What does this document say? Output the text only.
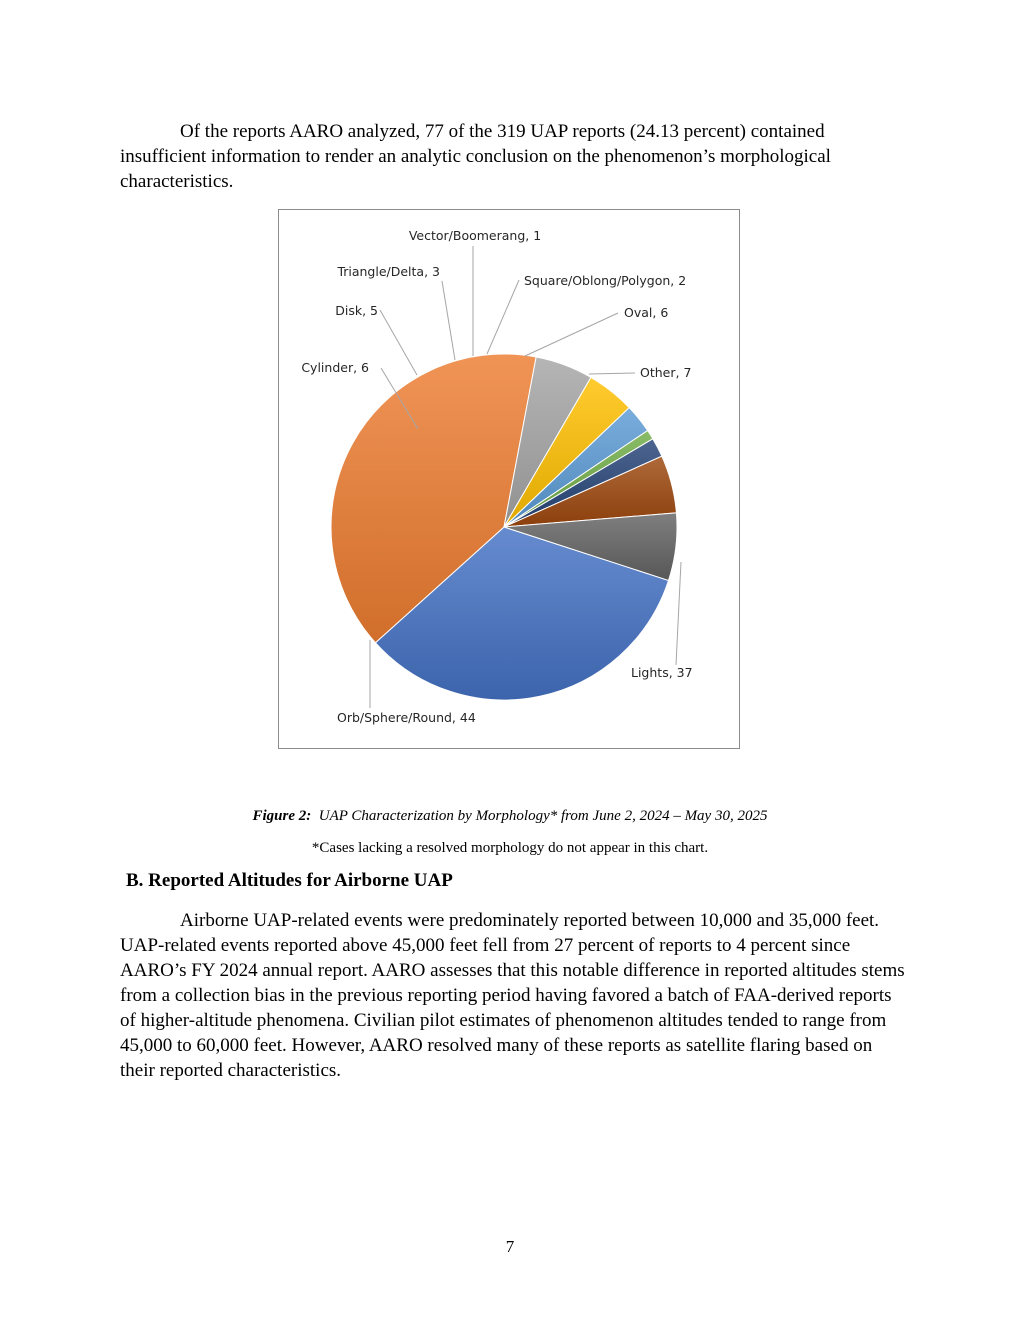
Of the reports AARO analyzed, 77 of the 319 UAP reports (24.13 percent) contained insufficient information to render an analytic conclusion on the phenomenon’s morphological characteristics.

Lights, 37
Orb/Sphere/Round, 44
Cylinder, 6
Disk, 5
Triangle/Delta, 3
Vector/Boomerang, 1
Square/Oblong/Polygon, 2
Oval, 6
Other, 7

Figure 2: UAP Characterization by Morphology* from June 2, 2024 – May 30, 2025

*Cases lacking a resolved morphology do not appear in this chart.

B. Reported Altitudes for Airborne UAP

Airborne UAP-related events were predominately reported between 10,000 and 35,000 feet. UAP-related events reported above 45,000 feet fell from 27 percent of reports to 4 percent since AARO’s FY 2024 annual report. AARO assesses that this notable difference in reported altitudes stems from a collection bias in the previous reporting period having favored a batch of FAA-derived reports of higher-altitude phenomena. Civilian pilot estimates of phenomenon altitudes tended to range from 45,000 to 60,000 feet. However, AARO resolved many of these reports as satellite flaring based on their reported characteristics.

7
